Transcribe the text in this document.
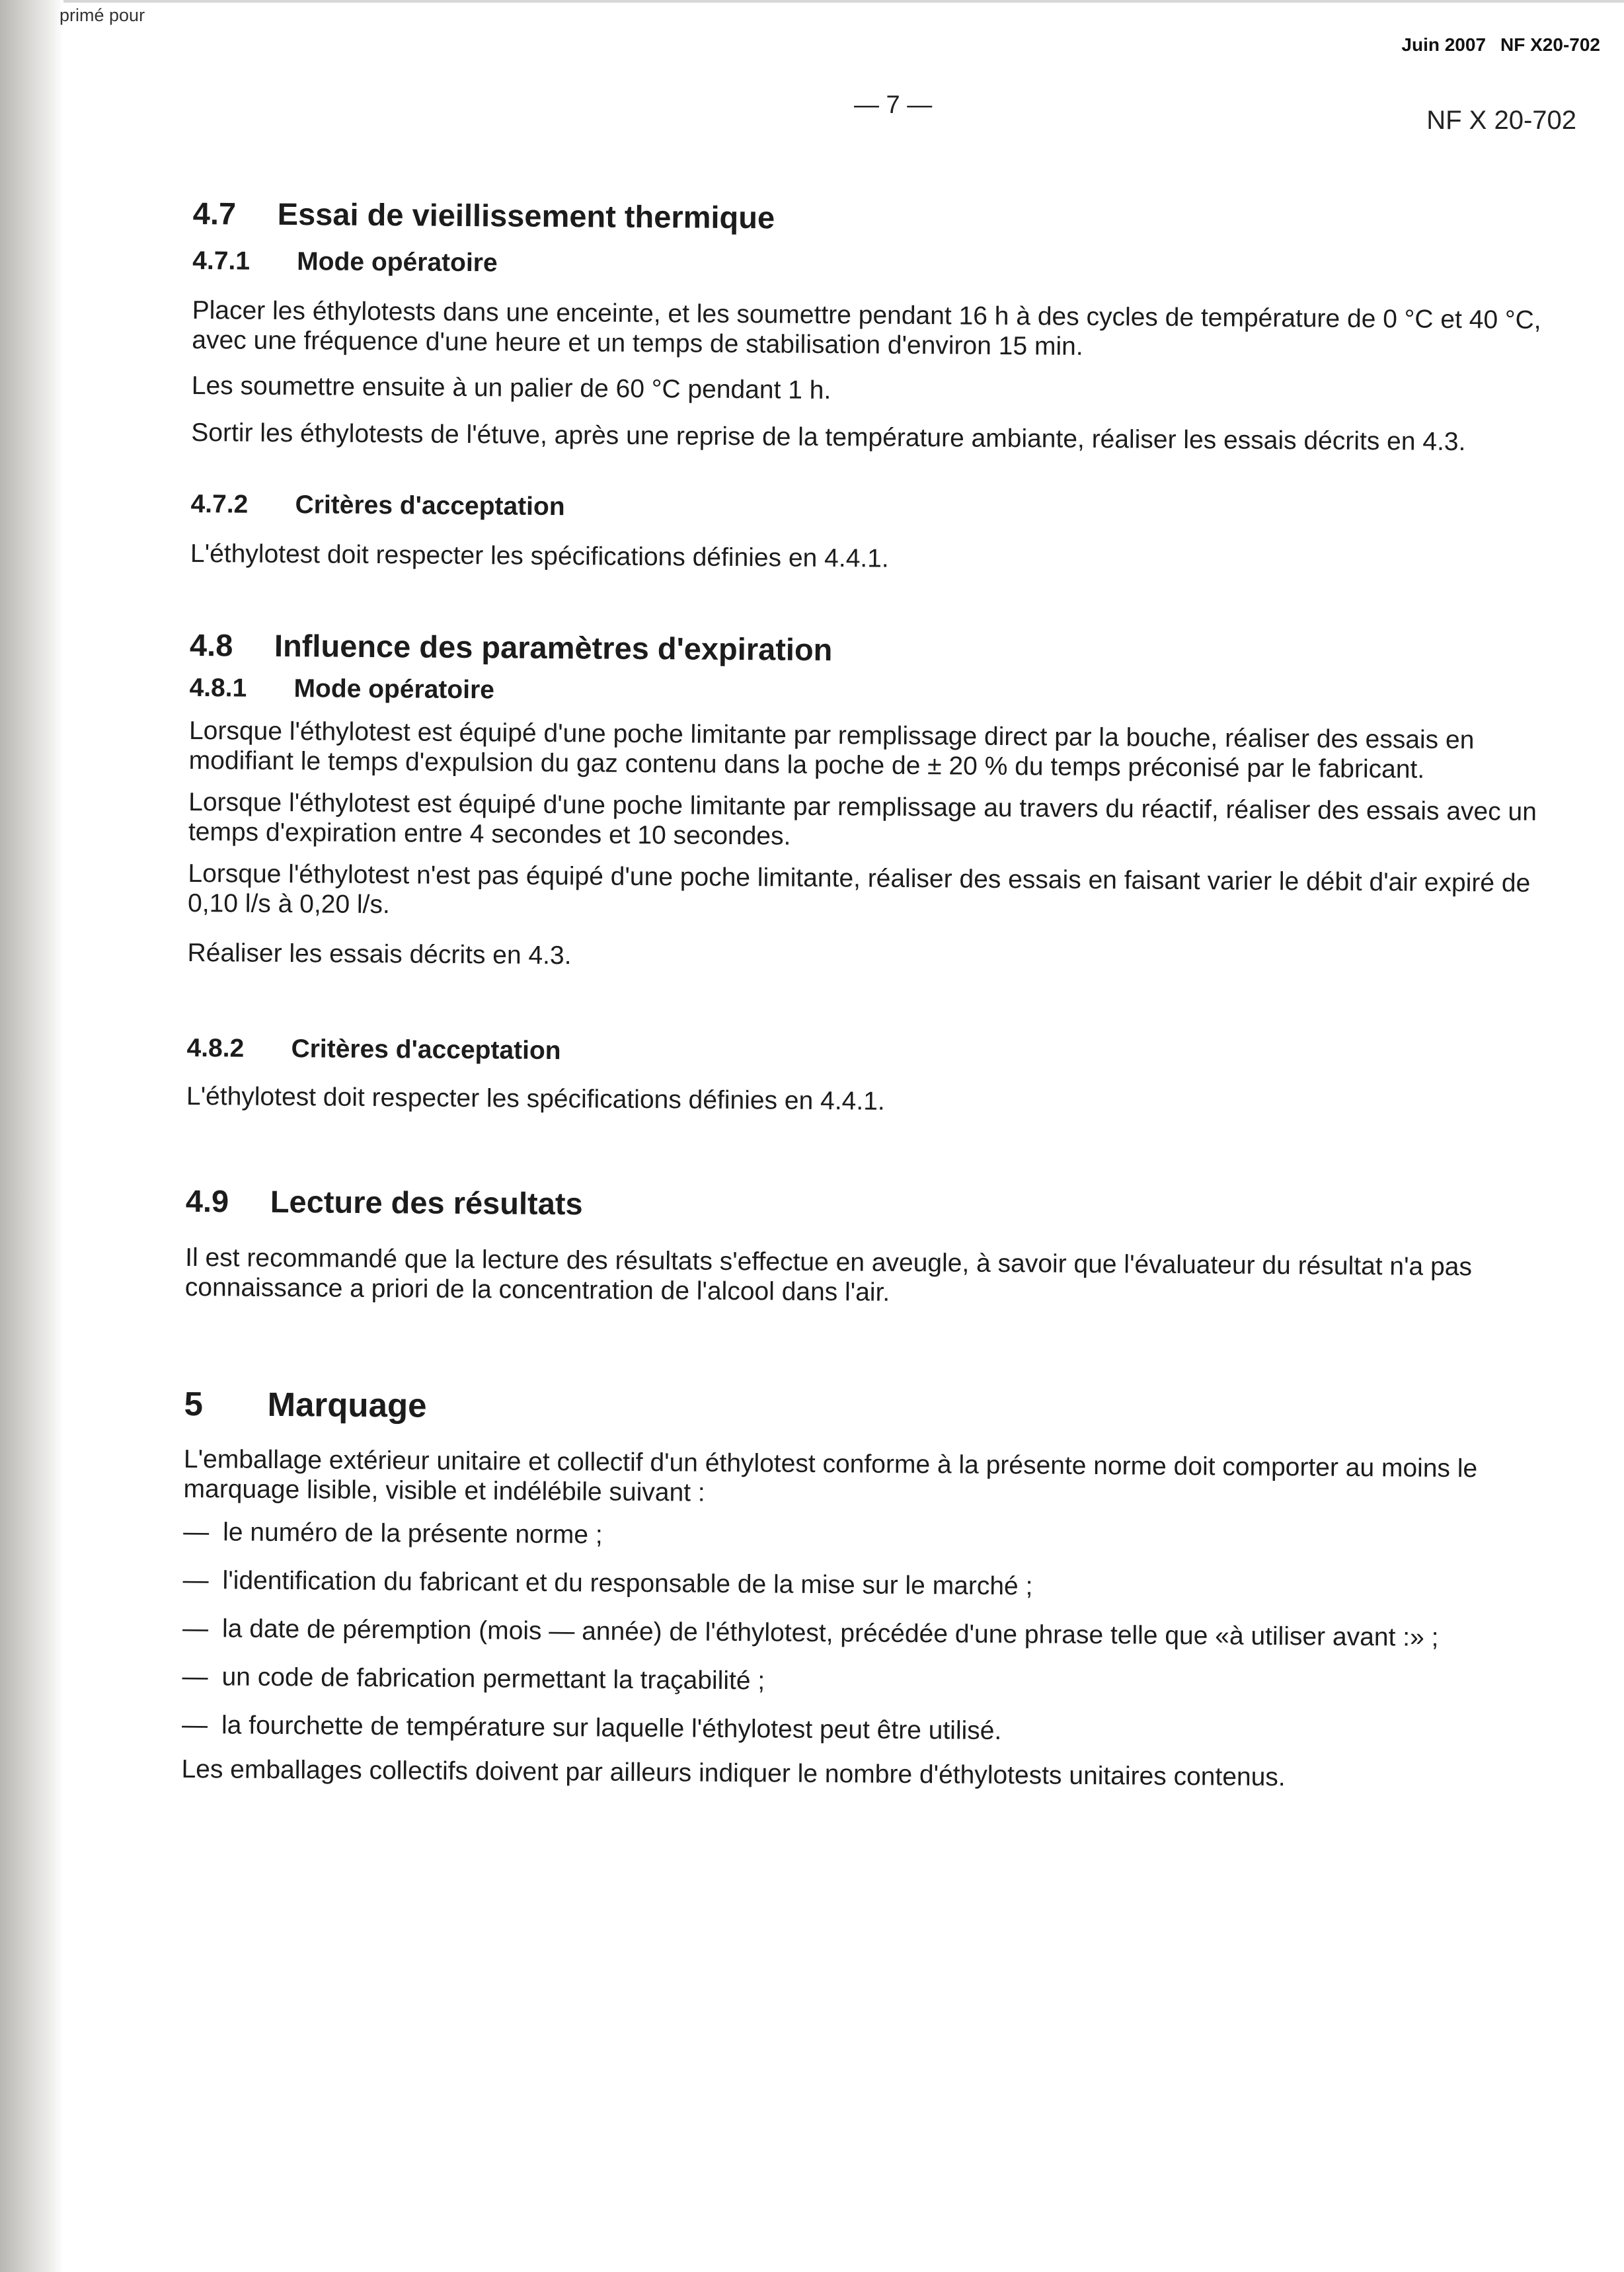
primé pour
Juin 2007 NF X20-702
— 7 —
NF X 20-702
4.7	Essai de vieillissement thermique
4.7.1	Mode opératoire

Placer les éthylotests dans une enceinte, et les soumettre pendant 16 h à des cycles de température de 0 °C et 40 °C, avec une fréquence d'une heure et un temps de stabilisation d'environ 15 min.

Les soumettre ensuite à un palier de 60 °C pendant 1 h.

Sortir les éthylotests de l'étuve, après une reprise de la température ambiante, réaliser les essais décrits en 4.3.

4.7.2	Critères d'acceptation

L'éthylotest doit respecter les spécifications définies en 4.4.1.

4.8	Influence des paramètres d'expiration
4.8.1	Mode opératoire

Lorsque l'éthylotest est équipé d'une poche limitante par remplissage direct par la bouche, réaliser des essais en modifiant le temps d'expulsion du gaz contenu dans la poche de ± 20 % du temps préconisé par le fabricant.

Lorsque l'éthylotest est équipé d'une poche limitante par remplissage au travers du réactif, réaliser des essais avec un temps d'expiration entre 4 secondes et 10 secondes.

Lorsque l'éthylotest n'est pas équipé d'une poche limitante, réaliser des essais en faisant varier le débit d'air expiré de 0,10 l/s à 0,20 l/s.

Réaliser les essais décrits en 4.3.

4.8.2	Critères d'acceptation

L'éthylotest doit respecter les spécifications définies en 4.4.1.

4.9	Lecture des résultats

Il est recommandé que la lecture des résultats s'effectue en aveugle, à savoir que l'évaluateur du résultat n'a pas connaissance a priori de la concentration de l'alcool dans l'air.

5	Marquage

L'emballage extérieur unitaire et collectif d'un éthylotest conforme à la présente norme doit comporter au moins le marquage lisible, visible et indélébile suivant :

— le numéro de la présente norme ;
— l'identification du fabricant et du responsable de la mise sur le marché ;
— la date de péremption (mois — année) de l'éthylotest, précédée d'une phrase telle que «à utiliser avant :» ;
— un code de fabrication permettant la traçabilité ;
— la fourchette de température sur laquelle l'éthylotest peut être utilisé.

Les emballages collectifs doivent par ailleurs indiquer le nombre d'éthylotests unitaires contenus.
